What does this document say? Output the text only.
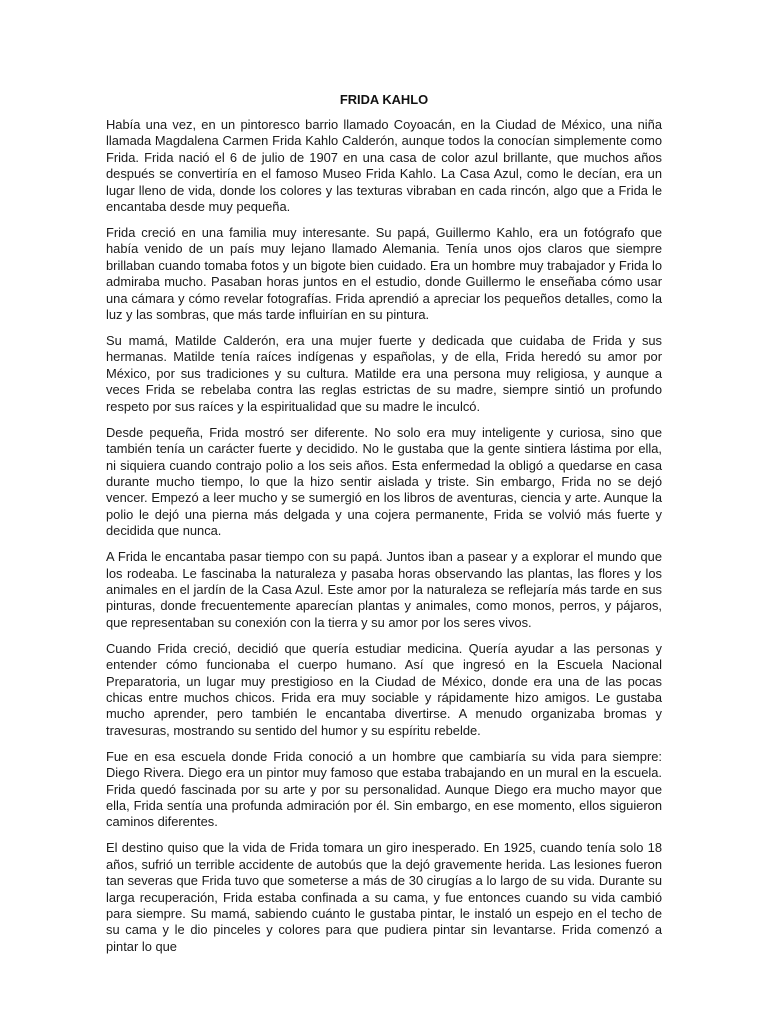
FRIDA KAHLO

Había una vez, en un pintoresco barrio llamado Coyoacán, en la Ciudad de México, una niña llamada Magdalena Carmen Frida Kahlo Calderón, aunque todos la conocían simplemente como Frida. Frida nació el 6 de julio de 1907 en una casa de color azul brillante, que muchos años después se convertiría en el famoso Museo Frida Kahlo. La Casa Azul, como le decían, era un lugar lleno de vida, donde los colores y las texturas vibraban en cada rincón, algo que a Frida le encantaba desde muy pequeña.

Frida creció en una familia muy interesante. Su papá, Guillermo Kahlo, era un fotógrafo que había venido de un país muy lejano llamado Alemania. Tenía unos ojos claros que siempre brillaban cuando tomaba fotos y un bigote bien cuidado. Era un hombre muy trabajador y Frida lo admiraba mucho. Pasaban horas juntos en el estudio, donde Guillermo le enseñaba cómo usar una cámara y cómo revelar fotografías. Frida aprendió a apreciar los pequeños detalles, como la luz y las sombras, que más tarde influirían en su pintura.

Su mamá, Matilde Calderón, era una mujer fuerte y dedicada que cuidaba de Frida y sus hermanas. Matilde tenía raíces indígenas y españolas, y de ella, Frida heredó su amor por México, por sus tradiciones y su cultura. Matilde era una persona muy religiosa, y aunque a veces Frida se rebelaba contra las reglas estrictas de su madre, siempre sintió un profundo respeto por sus raíces y la espiritualidad que su madre le inculcó.

Desde pequeña, Frida mostró ser diferente. No solo era muy inteligente y curiosa, sino que también tenía un carácter fuerte y decidido. No le gustaba que la gente sintiera lástima por ella, ni siquiera cuando contrajo polio a los seis años. Esta enfermedad la obligó a quedarse en casa durante mucho tiempo, lo que la hizo sentir aislada y triste. Sin embargo, Frida no se dejó vencer. Empezó a leer mucho y se sumergió en los libros de aventuras, ciencia y arte. Aunque la polio le dejó una pierna más delgada y una cojera permanente, Frida se volvió más fuerte y decidida que nunca.

A Frida le encantaba pasar tiempo con su papá. Juntos iban a pasear y a explorar el mundo que los rodeaba. Le fascinaba la naturaleza y pasaba horas observando las plantas, las flores y los animales en el jardín de la Casa Azul. Este amor por la naturaleza se reflejaría más tarde en sus pinturas, donde frecuentemente aparecían plantas y animales, como monos, perros, y pájaros, que representaban su conexión con la tierra y su amor por los seres vivos.

Cuando Frida creció, decidió que quería estudiar medicina. Quería ayudar a las personas y entender cómo funcionaba el cuerpo humano. Así que ingresó en la Escuela Nacional Preparatoria, un lugar muy prestigioso en la Ciudad de México, donde era una de las pocas chicas entre muchos chicos. Frida era muy sociable y rápidamente hizo amigos. Le gustaba mucho aprender, pero también le encantaba divertirse. A menudo organizaba bromas y travesuras, mostrando su sentido del humor y su espíritu rebelde.

Fue en esa escuela donde Frida conoció a un hombre que cambiaría su vida para siempre: Diego Rivera. Diego era un pintor muy famoso que estaba trabajando en un mural en la escuela. Frida quedó fascinada por su arte y por su personalidad. Aunque Diego era mucho mayor que ella, Frida sentía una profunda admiración por él. Sin embargo, en ese momento, ellos siguieron caminos diferentes.

El destino quiso que la vida de Frida tomara un giro inesperado. En 1925, cuando tenía solo 18 años, sufrió un terrible accidente de autobús que la dejó gravemente herida. Las lesiones fueron tan severas que Frida tuvo que someterse a más de 30 cirugías a lo largo de su vida. Durante su larga recuperación, Frida estaba confinada a su cama, y fue entonces cuando su vida cambió para siempre. Su mamá, sabiendo cuánto le gustaba pintar, le instaló un espejo en el techo de su cama y le dio pinceles y colores para que pudiera pintar sin levantarse. Frida comenzó a pintar lo que
